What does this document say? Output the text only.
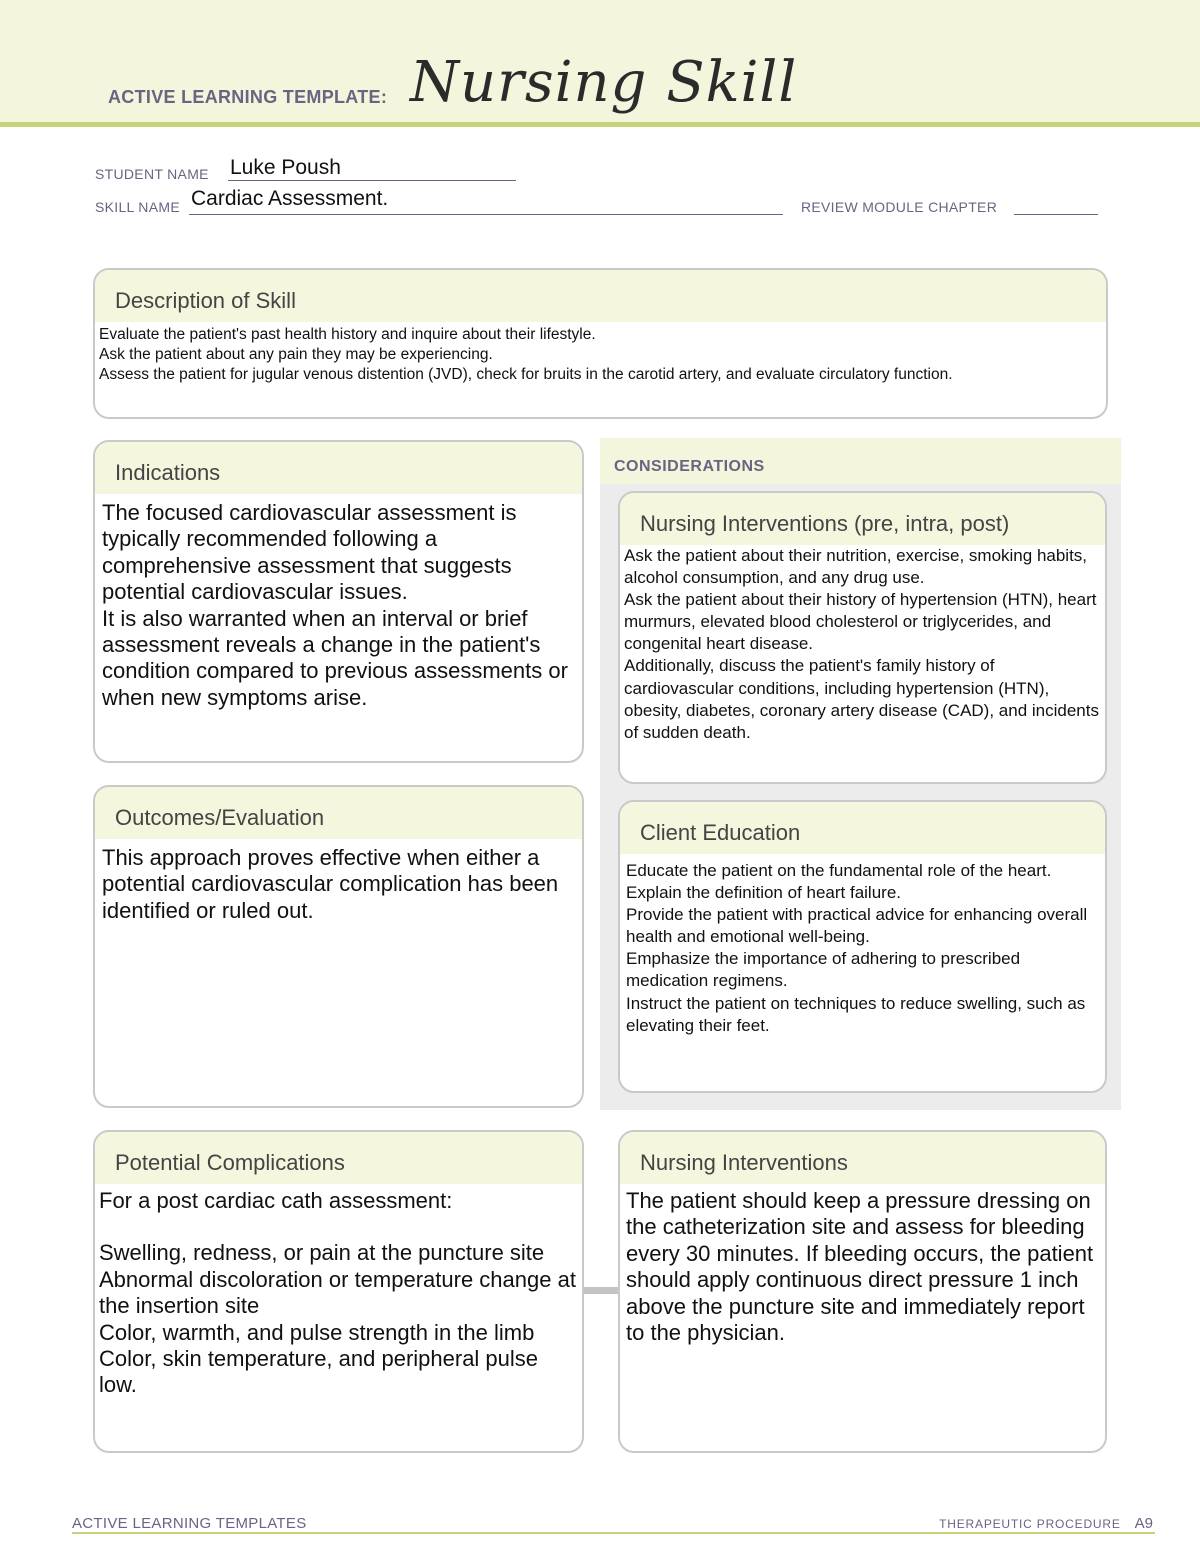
ACTIVE LEARNING TEMPLATE: Nursing Skill
STUDENT NAME Luke Poush
SKILL NAME Cardiac Assessment.	REVIEW MODULE CHAPTER
Description of Skill

Evaluate the patient's past health history and inquire about their lifestyle.

Ask the patient about any pain they may be experiencing.

Assess the patient for jugular venous distention (JVD), check for bruits in the carotid artery, and evaluate circulatory function.

Indications

The focused cardiovascular assessment is typically recommended following a comprehensive assessment that suggests potential cardiovascular issues.

It is also warranted when an interval or brief assessment reveals a change in the patient's condition compared to previous assessments or when new symptoms arise.

CONSIDERATIONS
Nursing Interventions (pre, intra, post)

Ask the patient about their nutrition, exercise, smoking habits, alcohol consumption, and any drug use.

Ask the patient about their history of hypertension (HTN), heart murmurs, elevated blood cholesterol or triglycerides, and congenital heart disease.

Additionally, discuss the patient's family history of cardiovascular conditions, including hypertension (HTN), obesity, diabetes, coronary artery disease (CAD), and incidents of sudden death.

Outcomes/Evaluation

This approach proves effective when either a potential cardiovascular complication has been identified or ruled out.

Client Education

Educate the patient on the fundamental role of the heart.

Explain the definition of heart failure.

Provide the patient with practical advice for enhancing overall health and emotional well-being.

Emphasize the importance of adhering to prescribed medication regimens.

Instruct the patient on techniques to reduce swelling, such as elevating their feet.

Potential Complications

For a post cardiac cath assessment:

Swelling, redness, or pain at the puncture site

Abnormal discoloration or temperature change at the insertion site

Color, warmth, and pulse strength in the limb

Color, skin temperature, and peripheral pulse low.

Nursing Interventions

The patient should keep a pressure dressing on the catheterization site and assess for bleeding every 30 minutes. If bleeding occurs, the patient should apply continuous direct pressure 1 inch above the puncture site and immediately report to the physician.

ACTIVE LEARNING TEMPLATES	THERAPEUTIC PROCEDURE A9
